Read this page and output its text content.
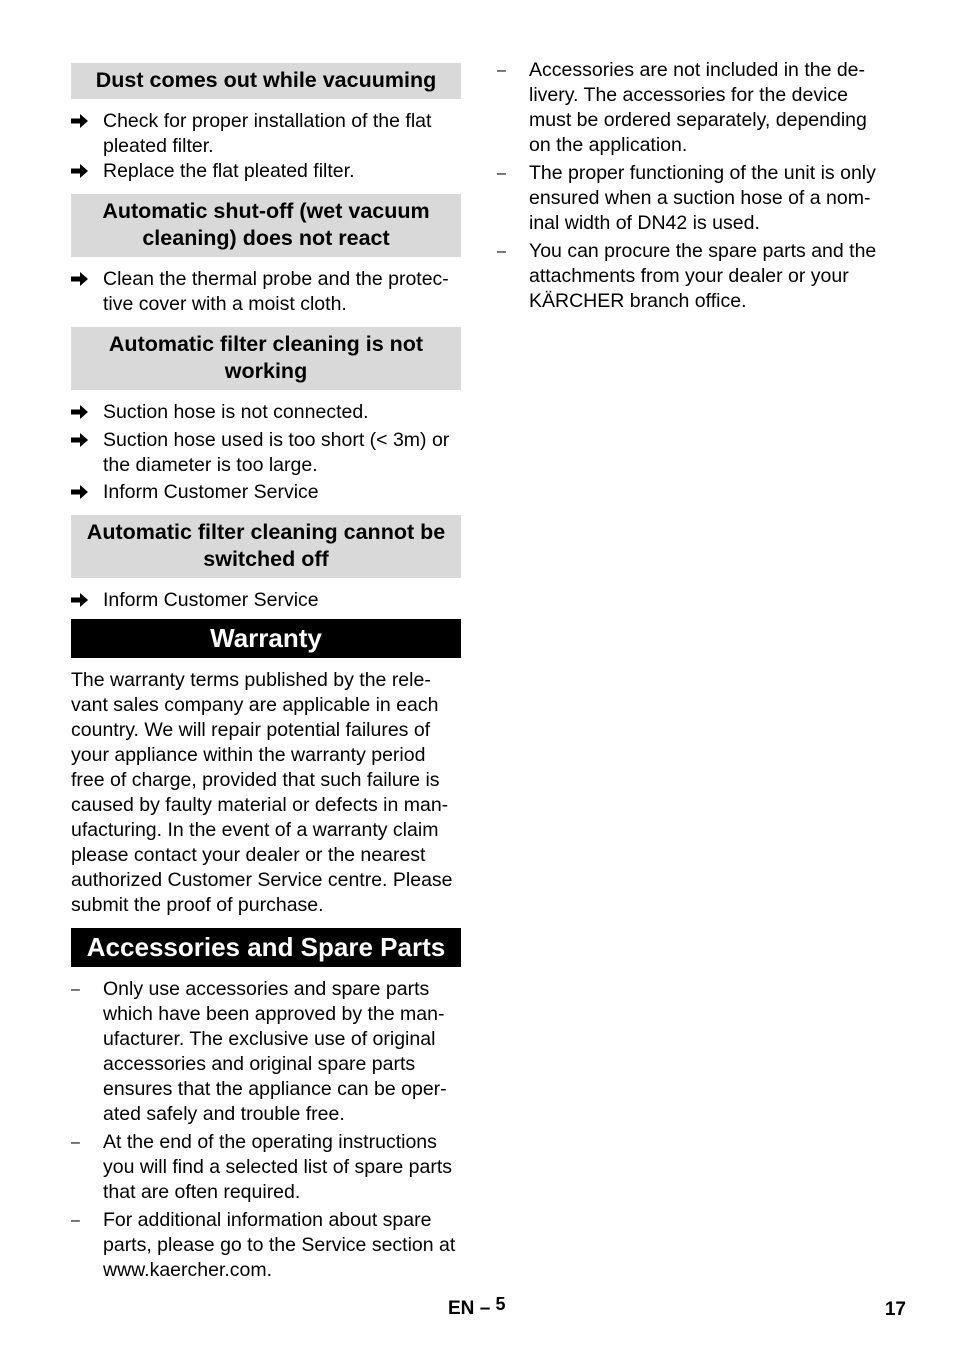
Dust comes out while vacuuming
Check for proper installation of the flat pleated filter.
Replace the flat pleated filter.
Automatic shut-off (wet vacuum cleaning) does not react
Clean the thermal probe and the protec- tive cover with a moist cloth.
Automatic filter cleaning is not working
Suction hose is not connected.
Suction hose used is too short (< 3m) or the diameter is too large.
Inform Customer Service
Automatic filter cleaning cannot be switched off
Inform Customer Service
Warranty

The warranty terms published by the rele- vant sales company are applicable in each country. We will repair potential failures of your appliance within the warranty period free of charge, provided that such failure is caused by faulty material or defects in man- ufacturing. In the event of a warranty claim please contact your dealer or the nearest authorized Customer Service centre. Please submit the proof of purchase.

Accessories and Spare Parts
–	Only use accessories and spare parts which have been approved by the man- ufacturer. The exclusive use of original accessories and original spare parts ensures that the appliance can be oper- ated safely and trouble free.
–	At the end of the operating instructions you will find a selected list of spare parts that are often required.
–	For additional information about spare parts, please go to the Service section at www.kaercher.com.
–	Accessories are not included in the de- livery. The accessories for the device must be ordered separately, depending on the application.
–	The proper functioning of the unit is only ensured when a suction hose of a nom- inal width of DN42 is used.
–	You can procure the spare parts and the attachments from your dealer or your KÄRCHER branch office.
EN – 5	17
